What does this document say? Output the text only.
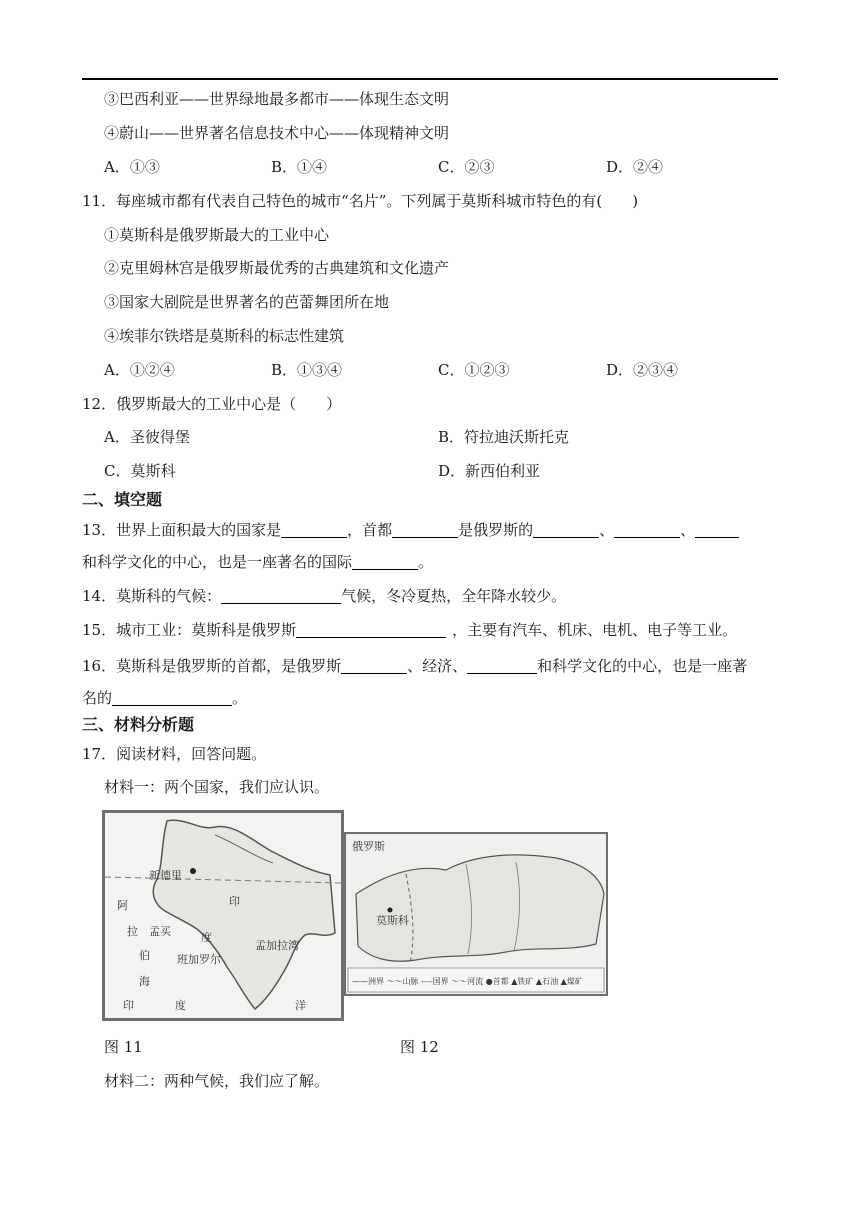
③巴西利亚——世界绿地最多都市——体现生态文明
④蔚山——世界著名信息技术中心——体现精神文明
A．①③	B．①④	C．②③	D．②④
11．每座城市都有代表自己特色的城市“名片”。下列属于莫斯科城市特色的有(　　)
①莫斯科是俄罗斯最大的工业中心
②克里姆林宫是俄罗斯最优秀的古典建筑和文化遗产
③国家大剧院是世界著名的芭蕾舞团所在地
④埃菲尔铁塔是莫斯科的标志性建筑
A．①②④	B．①③④	C．①②③	D．②③④
12．俄罗斯最大的工业中心是（　　）
A．圣彼得堡	B．符拉迪沃斯托克
C．莫斯科	D．新西伯利亚
二、填空题
13．世界上面积最大的国家是	，首都	是俄罗斯的	、	、
和科学文化的中心，也是一座著名的国际	。
14．莫斯科的气候：	气候，冬冷夏热，全年降水较少。
15．城市工业：莫斯科是俄罗斯	，主要有汽车、机床、电机、电子等工业。
16．莫斯科是俄罗斯的首都，是俄罗斯	、经济、	和科学文化的中心，也是一座著
名的	。
三、材料分析题
17．阅读材料，回答问题。
材料一：两个国家，我们应认识。
新德里
印
阿
拉 孟买
伯
海
度
班加罗尔
孟加拉湾
印	度	洋
俄罗斯
莫斯科
——洲界 ～～山脉 ----国界 ～～河流 ●首都 ▲铁矿 ▲石油 ▲煤矿
图 11	图 12
材料二：两种气候，我们应了解。
